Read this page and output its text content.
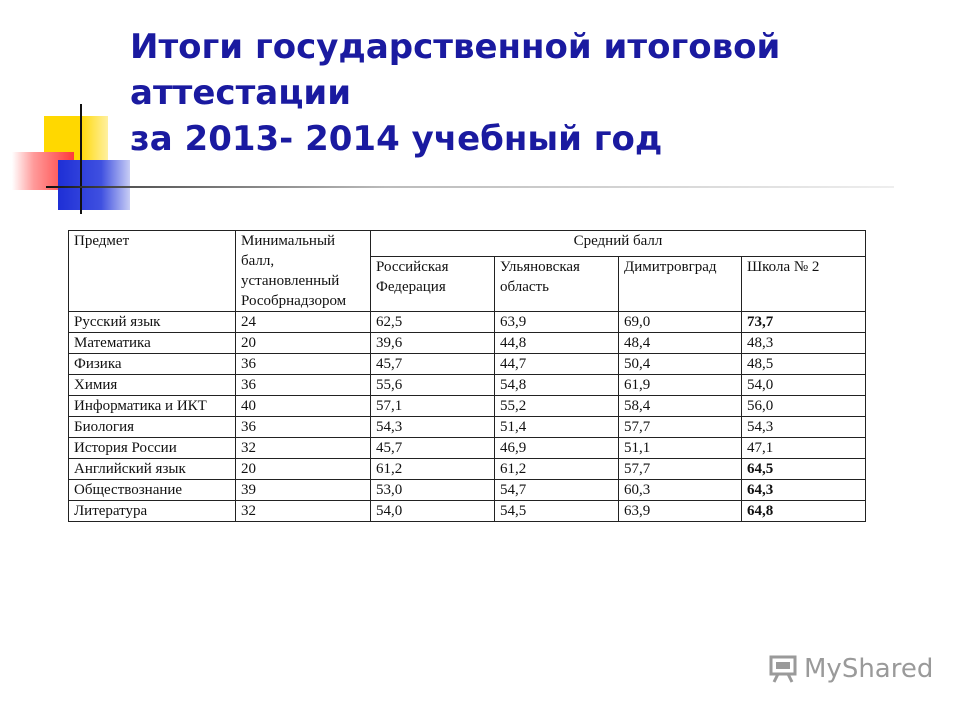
Итоги государственной итоговой
аттестации
за 2013- 2014 учебный год
Предмет	Минимальный балл, установленный Рособрнадзором	Средний балл			
		Российская Федерация	Ульяновская область	Димитровград	Школа № 2
Русский язык	24	62,5	63,9	69,0	73,7
Математика	20	39,6	44,8	48,4	48,3
Физика	36	45,7	44,7	50,4	48,5
Химия	36	55,6	54,8	61,9	54,0
Информатика и ИКТ	40	57,1	55,2	58,4	56,0
Биология	36	54,3	51,4	57,7	54,3
История России	32	45,7	46,9	51,1	47,1
Английский язык	20	61,2	61,2	57,7	64,5
Обществознание	39	53,0	54,7	60,3	64,3
Литература	32	54,0	54,5	63,9	64,8
MyShared
